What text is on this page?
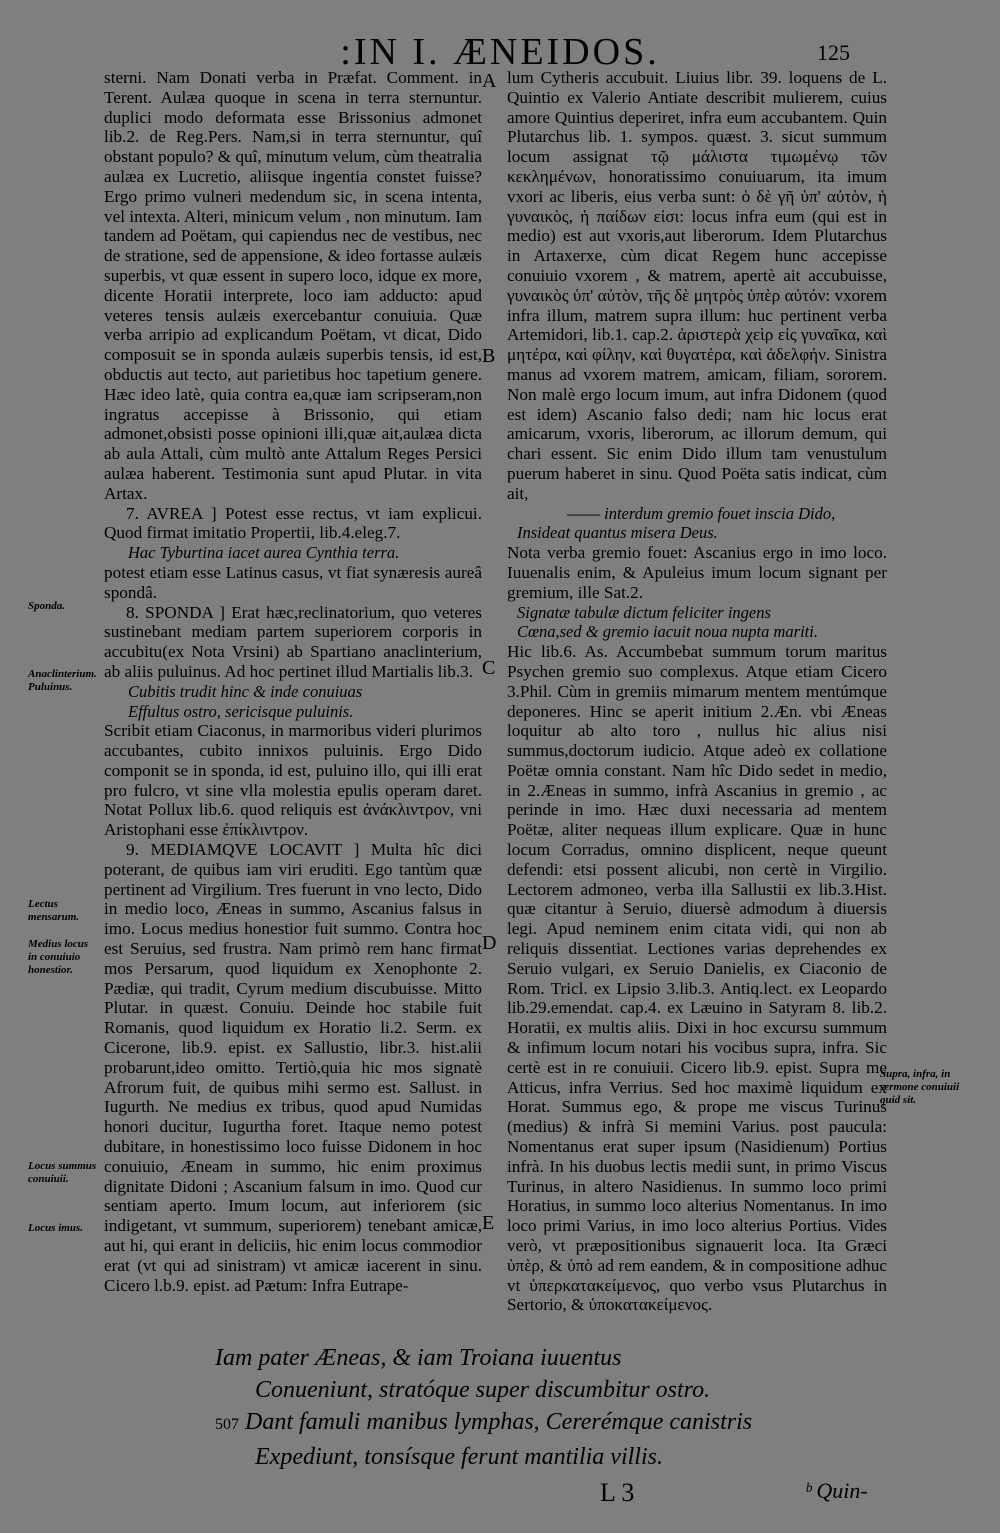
:IN I. ÆNEIDOS.	125

sterni. Nam Donati verba in Præfat. Comment. in Terent. Aulæa quoque in scena in terra sternuntur. duplici modo deformata esse Brissonius admonet lib.2. de Reg.Pers. Nam,si in terra sternuntur, quî obstant populo? & quî, minutum velum, cùm theatralia aulæa ex Lucretio, aliisque ingentia constet fuisse? Ergo primo vulneri medendum sic, in scena intenta, vel intexta. Alteri, minicum velum , non minutum. Iam tandem ad Poëtam, qui capiendus nec de vestibus, nec de stratione, sed de appensione, & ideo fortasse aulæis superbis, vt quæ essent in supero loco, idque ex more, dicente Horatii interprete, loco iam adducto: apud veteres tensis aulæis exercebantur conuiuia. Quæ verba arripio ad explicandum Poëtam, vt dicat, Dido composuit se in sponda aulæis superbis tensis, id est, obductis aut tecto, aut parietibus hoc tapetium genere. Hæc ideo latè, quia contra ea,quæ iam scripseram,non ingratus accepisse à Brissonio, qui etiam admonet,obsisti posse opinioni illi,quæ ait,aulæa dicta ab aula Attali, cùm multò ante Attalum Reges Persici aulæa haberent. Testimonia sunt apud Plutar. in vita Artax.

7. AVREA ] Potest esse rectus, vt iam explicui. Quod firmat imitatio Propertii, lib.4.eleg.7.

Hac Tyburtina iacet aurea Cynthia terra.

potest etiam esse Latinus casus, vt fiat synæresis aureâ spondâ.

8. SPONDA ] Erat hæc,reclinatorium, quo veteres sustinebant mediam partem superiorem corporis in accubitu(ex Nota Vrsini) ab Spartiano anaclinterium, ab aliis puluinus. Ad hoc pertinet illud Martialis lib.3.

Cubitis trudit hinc & inde conuiuas

Effultus ostro, sericisque puluinis.

Scribit etiam Ciaconus, in marmoribus videri plurimos accubantes, cubito innixos puluinis. Ergo Dido componit se in sponda, id est, puluino illo, qui illi erat pro fulcro, vt sine vlla molestia epulis operam daret. Notat Pollux lib.6. quod reliquis est ἀνάκλιντρον, vni Aristophani esse ἐπίκλιντρον.

9. MEDIAMQVE LOCAVIT ] Multa hîc dici poterant, de quibus iam viri eruditi. Ego tantùm quæ pertinent ad Virgilium. Tres fuerunt in vno lecto, Dido in medio loco, Æneas in summo, Ascanius falsus in imo. Locus medius honestior fuit summo. Contra hoc est Seruius, sed frustra. Nam primò rem hanc firmat mos Persarum, quod liquidum ex Xenophonte 2. Pædiæ, qui tradit, Cyrum medium discubuisse. Mitto Plutar. in quæst. Conuiu. Deinde hoc stabile fuit Romanis, quod liquidum ex Horatio li.2. Serm. ex Cicerone, lib.9. epist. ex Sallustio, libr.3. hist.alii probarunt,ideo omitto. Tertiò,quia hic mos signatè Afrorum fuit, de quibus mihi sermo est. Sallust. in Iugurth. Ne medius ex tribus, quod apud Numidas honori ducitur, Iugurtha foret. Itaque nemo potest dubitare, in honestissimo loco fuisse Didonem in hoc conuiuio, Æneam in summo, hic enim proximus dignitate Didoni ; Ascanium falsum in imo. Quod cur sentiam aperto. Imum locum, aut inferiorem (sic indigetant, vt summum, superiorem) tenebant amicæ, aut hi, qui erant in deliciis, hic enim locus commodior erat (vt qui ad sinistram) vt amicæ iacerent in sinu. Cicero l.b.9. epist. ad Pætum: Infra Eutrape-

lum Cytheris accubuit. Liuius libr. 39. loquens de L. Quintio ex Valerio Antiate describit mulierem, cuius amore Quintius deperiret, infra eum accubantem. Quin Plutarchus lib. 1. sympos. quæst. 3. sicut summum locum assignat τῷ μάλιστα τιμωμένῳ τῶν κεκλημένων, honoratissimo conuiuarum, ita imum vxori ac liberis, eius verba sunt: ὁ δὲ γῆ ὑπ' αὐτὸν, ἡ γυναικὸς, ἡ παίδων εἰσι: locus infra eum (qui est in medio) est aut vxoris,aut liberorum. Idem Plutarchus in Artaxerxe, cùm dicat Regem hunc accepisse conuiuio vxorem , & matrem, apertè ait accubuisse, γυναικὸς ὑπ' αὐτὸν, τῆς δὲ μητρὸς ὑπὲρ αὐτόν: vxorem infra illum, matrem supra illum: huc pertinent verba Artemidori, lib.1. cap.2. ἀριστερὰ χεὶρ εἰς γυναῖκα, καὶ μητέρα, καὶ φίλην, καὶ θυγατέρα, καὶ ἀδελφήν. Sinistra manus ad vxorem matrem, amicam, filiam, sororem. Non malè ergo locum imum, aut infra Didonem (quod est idem) Ascanio falso dedi; nam hic locus erat amicarum, vxoris, liberorum, ac illorum demum, qui chari essent. Sic enim Dido illum tam venustulum puerum haberet in sinu. Quod Poëta satis indicat, cùm ait,

―― interdum gremio fouet inscia Dido,

Insideat quantus misera Deus.

Nota verba gremio fouet: Ascanius ergo in imo loco. Iuuenalis enim, & Apuleius imum locum signant per gremium, ille Sat.2.

Signatæ tabulæ dictum feliciter ingens

Cœna,sed & gremio iacuit noua nupta mariti.

Hic lib.6. As. Accumbebat summum torum maritus Psychen gremio suo complexus. Atque etiam Cicero 3.Phil. Cùm in gremiis mimarum mentem mentúmque deponeres. Hinc se aperit initium 2.Æn. vbi Æneas loquitur ab alto toro , nullus hic alius nisi summus,doctorum iudicio. Atque adeò ex collatione Poëtæ omnia constant. Nam hîc Dido sedet in medio, in 2.Æneas in summo, infrà Ascanius in gremio , ac perinde in imo. Hæc duxi necessaria ad mentem Poëtæ, aliter nequeas illum explicare. Quæ in hunc locum Corradus, omnino displicent, neque queunt defendi: etsi possent alicubi, non certè in Virgilio. Lectorem admoneo, verba illa Sallustii ex lib.3.Hist. quæ citantur à Seruio, diuersè admodum à diuersis legi. Apud neminem enim citata vidi, qui non ab reliquis dissentiat. Lectiones varias deprehendes ex Seruio vulgari, ex Seruio Danielis, ex Ciaconio de Rom. Tricl. ex Lipsio 3.lib.3. Antiq.lect. ex Leopardo lib.29.emendat. cap.4. ex Læuino in Satyram 8. lib.2. Horatii, ex multis aliis. Dixi in hoc excursu summum & infimum locum notari his vocibus supra, infra. Sic certè est in re conuiuii. Cicero lib.9. epist. Supra me Atticus, infra Verrius. Sed hoc maximè liquidum ex Horat. Summus ego, & prope me viscus Turinus (medius) & infrà Si memini Varius. post paucula: Nomentanus erat super ipsum (Nasidienum) Portius infrà. In his duobus lectis medii sunt, in primo Viscus Turinus, in altero Nasidienus. In summo loco primi Horatius, in summo loco alterius Nomentanus. In imo loco primi Varius, in imo loco alterius Portius. Vides verò, vt præpositionibus signauerit loca. Ita Græci ὑπὲρ, & ὑπὸ ad rem eandem, & in compositione adhuc vt ὑπερκατακείμενος, quo verbo vsus Plutarchus in Sertorio, & ὑποκατακείμενος.

A
B
C
D
E
Sponda.
Anaclinterium. Puluinus.
Lectus mensarum.
Medius locus in conuiuio honestior.
Locus summus conuiuii.
Locus imus.
Supra, infra, in sermone conuiuii quid sit.
Iam pater Æneas, & iam Troiana iuuentus
Conueniunt, stratóque super discumbitur ostro.
507 Dant famuli manibus lymphas, Cererémque canistris
Expediunt, tonsísque ferunt mantilia villis.
L 3	ᵇ Quin-
